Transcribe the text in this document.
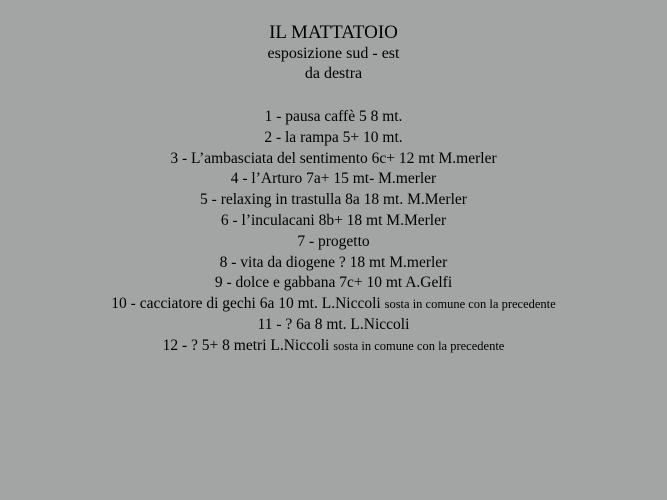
IL MATTATOIO
esposizione sud - est
da destra
1 - pausa caffè 5 8 mt.
2 - la rampa 5+ 10 mt.
3 - L’ambasciata del sentimento 6c+ 12 mt M.merler
4 - l’Arturo 7a+ 15 mt- M.merler
5 - relaxing in trastulla 8a 18 mt. M.Merler
6 - l’inculacani 8b+ 18 mt M.Merler
7 - progetto
8 - vita da diogene ? 18 mt M.merler
9 - dolce e gabbana 7c+ 10 mt A.Gelfi
10 - cacciatore di gechi 6a 10 mt. L.Niccoli sosta in comune con la precedente
11 - ? 6a 8 mt. L.Niccoli
12 - ? 5+ 8 metri L.Niccoli sosta in comune con la precedente
